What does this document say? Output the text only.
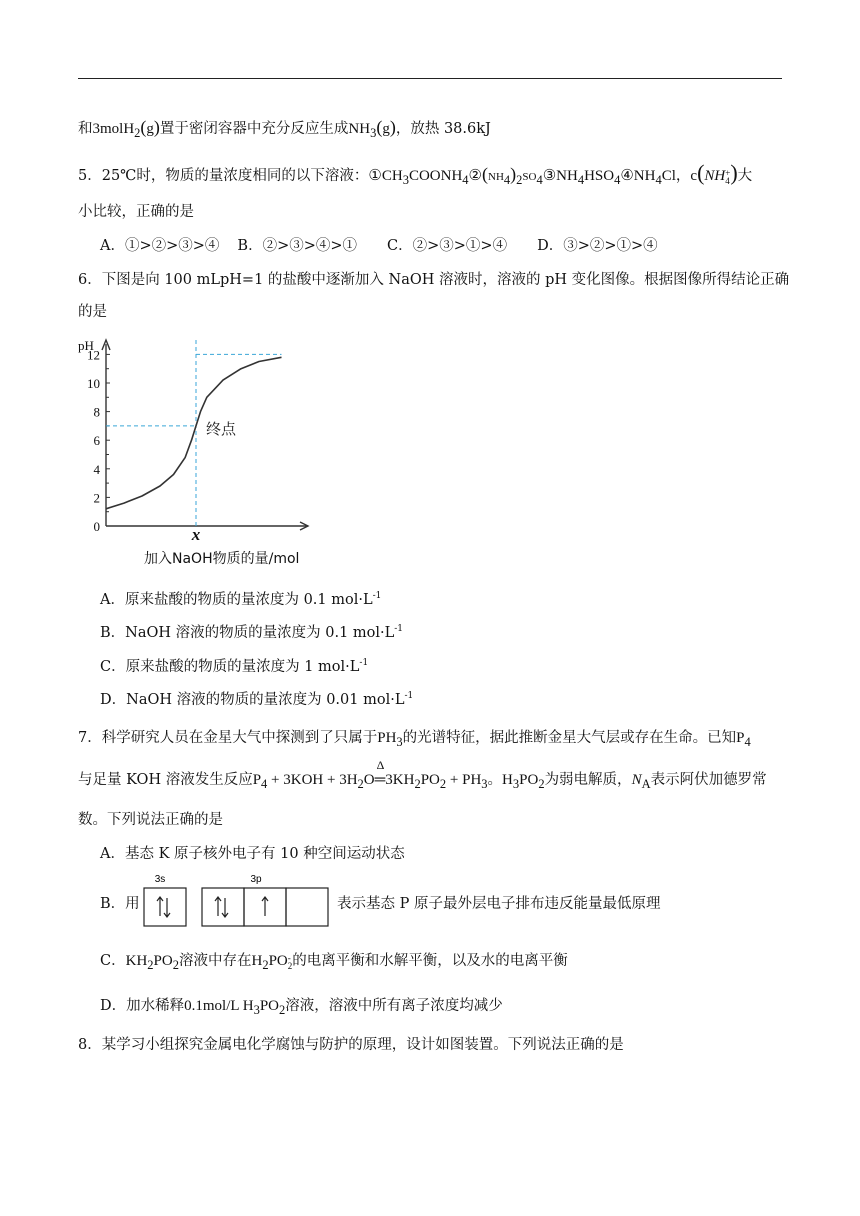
和3molH$_2$(g)置于密闭容器中充分反应生成$NH_3(g)$，放热 38.6kJ
5．25℃时，物质的量浓度相同的以下溶液：$①CH_3COONH_4②(NH_4)_2SO_4③NH_4HSO_4④NH_4Cl$，c(NH+
4)大
小比较，正确的是
A．①>②>③>④ B．②>③>④>① C．②>③>①>④ D．③>②>①>④
6．下图是向 100 mLpH=1 的盐酸中逐渐加入 NaOH 溶液时，溶液的 pH 变化图像。根据图像所得结论正确
的是
pH
0
2
4
6
8
10
12
终点
x
加入NaOH物质的量/mol
A．原来盐酸的物质的量浓度为 0.1 $mol\cdot L^{-1}$
B．NaOH 溶液的物质的量浓度为 0.1 $mol\cdot L^{-1}$
C．原来盐酸的物质的量浓度为 1 $mol\cdot L^{-1}$
D．NaOH 溶液的物质的量浓度为 0.01 $mol\cdot L^{-1}$
7．科学研究人员在金星大气中探测到了只属于$PH_3$的光谱特征，据此推断金星大气层或存在生命。已知$P_4$
与足量 KOH 溶液发生反应$P_4 + 3KOH + 3H_2O$
Δ
$═3KH_2PO_2 + PH_3$。$H_3PO_2$为弱电解质，$N_A$表示阿伏加德罗常
数。下列说法正确的是
A．基态 K 原子核外电子有 10 种空间运动状态
B．用
3s	3p
表示基态 P 原子最外层电子排布违反能量最低原理
C．$KH_2PO_2$溶液中存在$H_2PO-$
2的电离平衡和水解平衡，以及水的电离平衡
D．加水稀释0.1mol/L $H_3PO_2$溶液，溶液中所有离子浓度均减少
8．某学习小组探究金属电化学腐蚀与防护的原理，设计如图装置。下列说法正确的是
